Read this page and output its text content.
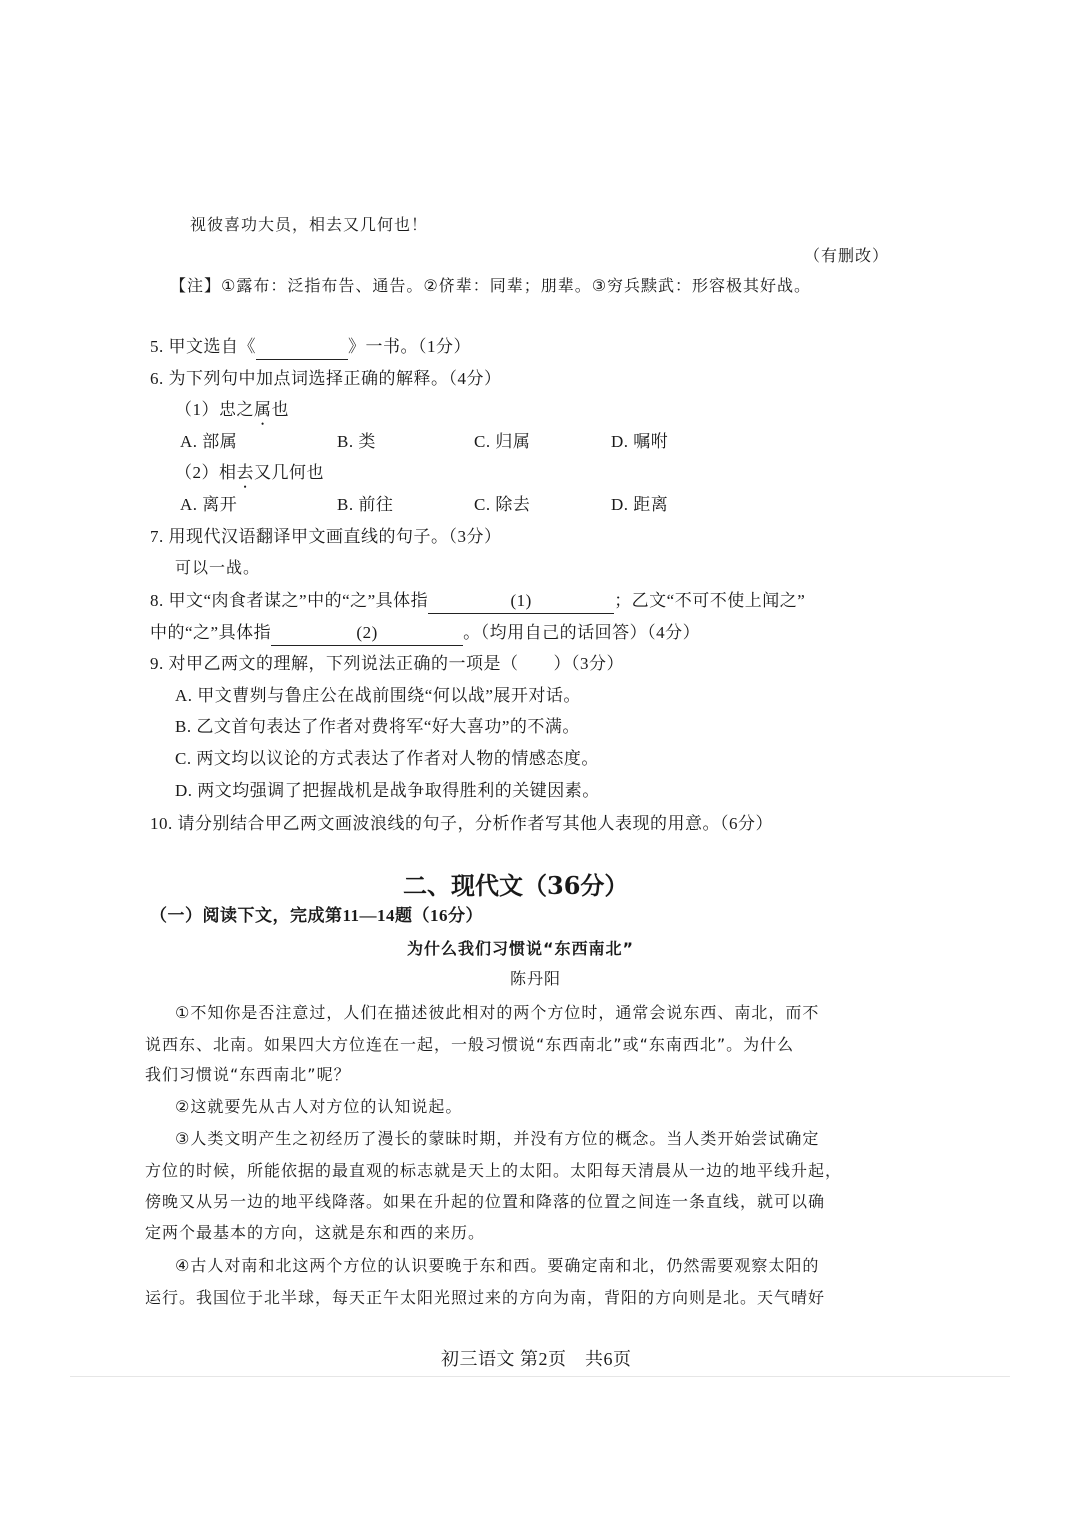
视彼喜功大员，相去又几何也！
（有删改）
【注】①露布：泛指布告、通告。②侪辈：同辈；朋辈。③穷兵黩武：形容极其好战。
5. 甲文选自《	》一书。（1分）
6. 为下列句中加点词选择正确的解释。（4分）
（1）忠之属也
A. 部属	B. 类	C. 归属	D. 嘱咐
（2）相去又几何也
A. 离开	B. 前往	C. 除去	D. 距离
7. 用现代汉语翻译甲文画直线的句子。（3分）
可以一战。
8. 甲文“肉食者谋之”中的“之”具体指	(1)	；乙文“不可不使上闻之”
中的“之”具体指	(2)	。（均用自己的话回答）（4分）
9. 对甲乙两文的理解，下列说法正确的一项是（　　）（3分）
A. 甲文曹刿与鲁庄公在战前围绕“何以战”展开对话。
B. 乙文首句表达了作者对费将军“好大喜功”的不满。
C. 两文均以议论的方式表达了作者对人物的情感态度。
D. 两文均强调了把握战机是战争取得胜利的关键因素。
10. 请分别结合甲乙两文画波浪线的句子，分析作者写其他人表现的用意。（6分）
二、现代文（36分）
（一）阅读下文，完成第11—14题（16分）
为什么我们习惯说“东西南北”
陈丹阳
①不知你是否注意过，人们在描述彼此相对的两个方位时，通常会说东西、南北，而不
说西东、北南。如果四大方位连在一起，一般习惯说“东西南北”或“东南西北”。为什么
我们习惯说“东西南北”呢？
②这就要先从古人对方位的认知说起。
③人类文明产生之初经历了漫长的蒙昧时期，并没有方位的概念。当人类开始尝试确定
方位的时候，所能依据的最直观的标志就是天上的太阳。太阳每天清晨从一边的地平线升起，
傍晚又从另一边的地平线降落。如果在升起的位置和降落的位置之间连一条直线，就可以确
定两个最基本的方向，这就是东和西的来历。
④古人对南和北这两个方位的认识要晚于东和西。要确定南和北，仍然需要观察太阳的
运行。我国位于北半球，每天正午太阳光照过来的方向为南，背阳的方向则是北。天气晴好
初三语文 第2页　共6页
